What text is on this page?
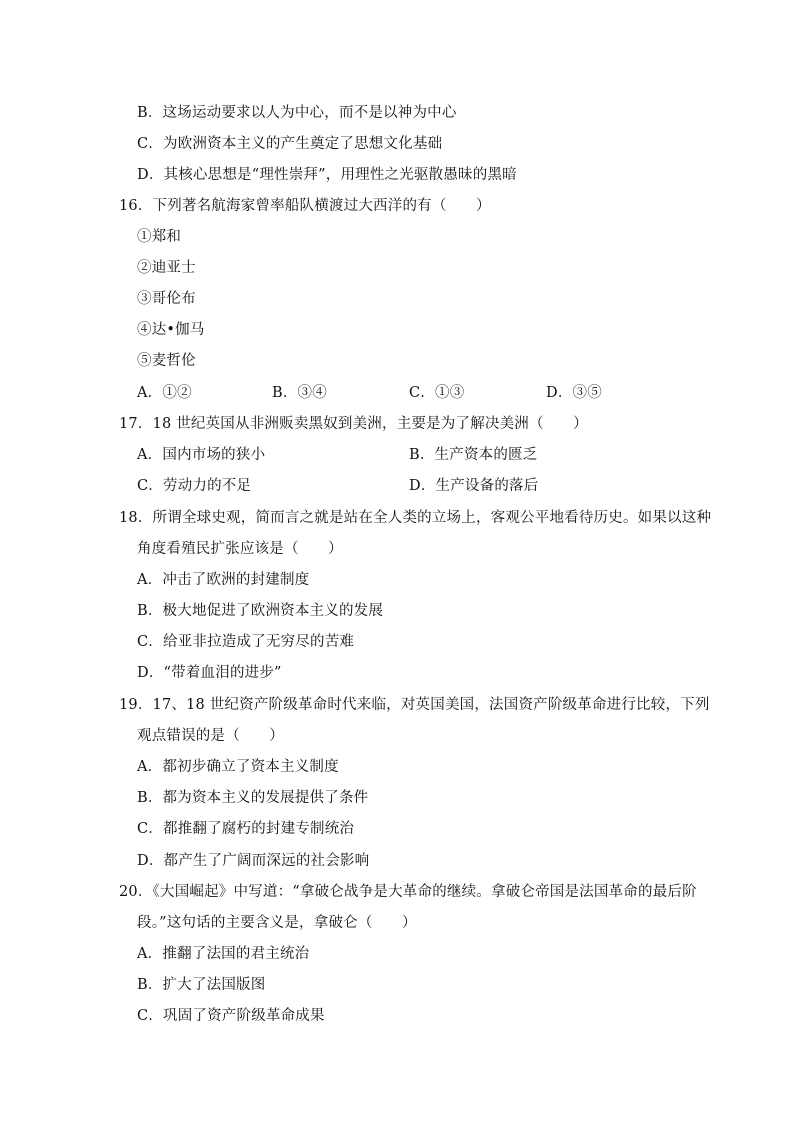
B．这场运动要求以人为中心，而不是以神为中心
C．为欧洲资本主义的产生奠定了思想文化基础
D．其核心思想是“理性崇拜”，用理性之光驱散愚昧的黑暗
16．下列著名航海家曾率船队横渡过大西洋的有（　　）
①郑和
②迪亚士
③哥伦布
④达•伽马
⑤麦哲伦
A．①②	B．③④	C．①③	D．③⑤
17．18 世纪英国从非洲贩卖黑奴到美洲，主要是为了解决美洲（　　）
A．国内市场的狭小	B．生产资本的匮乏
C．劳动力的不足	D．生产设备的落后
18．所谓全球史观，简而言之就是站在全人类的立场上，客观公平地看待历史。如果以这种
角度看殖民扩张应该是（　　）
A．冲击了欧洲的封建制度
B．极大地促进了欧洲资本主义的发展
C．给亚非拉造成了无穷尽的苦难
D．“带着血泪的进步”
19．17、18 世纪资产阶级革命时代来临，对英国美国，法国资产阶级革命进行比较，下列
观点错误的是（　　）
A．都初步确立了资本主义制度
B．都为资本主义的发展提供了条件
C．都推翻了腐朽的封建专制统治
D．都产生了广阔而深远的社会影响
20．《大国崛起》中写道：“拿破仑战争是大革命的继续。拿破仑帝国是法国革命的最后阶
段。”这句话的主要含义是，拿破仑（　　）
A．推翻了法国的君主统治
B．扩大了法国版图
C．巩固了资产阶级革命成果
